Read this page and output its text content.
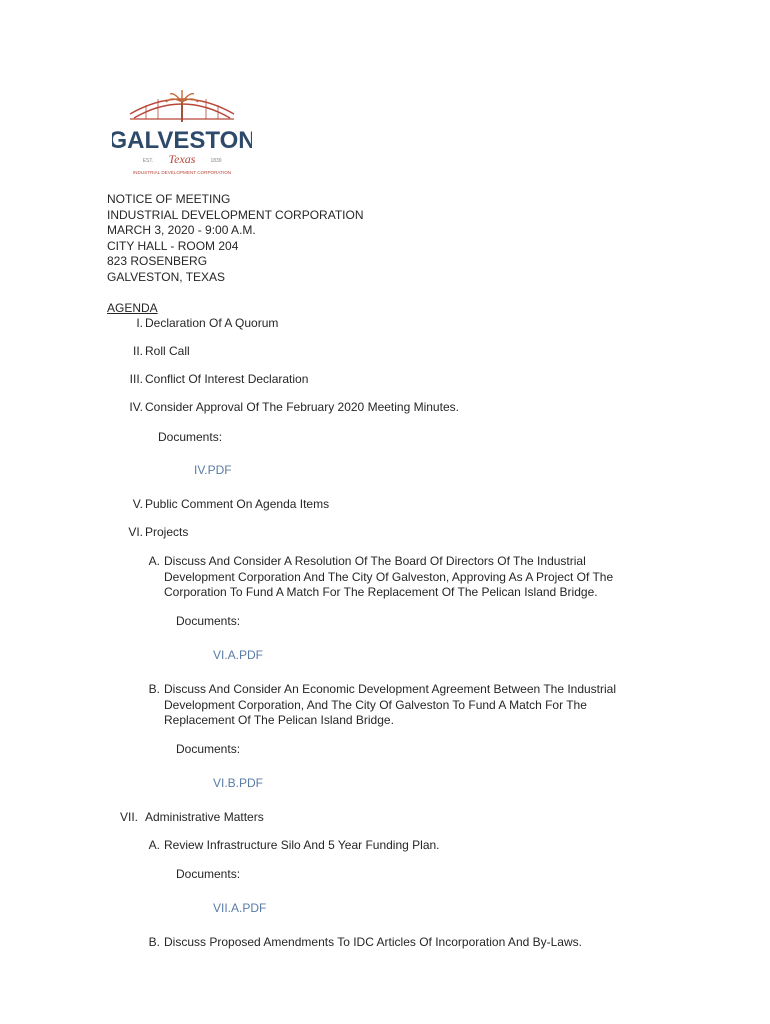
GALVESTON
Texas
EST.	1839
INDUSTRIAL DEVELOPMENT CORPORATION
NOTICE OF MEETING
INDUSTRIAL DEVELOPMENT CORPORATION
MARCH 3, 2020 - 9:00 A.M.
CITY HALL - ROOM 204
823 ROSENBERG
GALVESTON, TEXAS
AGENDA
I. Declaration Of A Quorum
II. Roll Call
III. Conflict Of Interest Declaration
IV. Consider Approval Of The February 2020 Meeting Minutes.
Documents:
IV.PDF
V. Public Comment On Agenda Items
VI. Projects
A. Discuss And Consider A Resolution Of The Board Of Directors Of The Industrial
Development Corporation And The City Of Galveston, Approving As A Project Of The
Corporation To Fund A Match For The Replacement Of The Pelican Island Bridge.
Documents:
VI.A.PDF
B. Discuss And Consider An Economic Development Agreement Between The Industrial
Development Corporation, And The City Of Galveston To Fund A Match For The
Replacement Of The Pelican Island Bridge.
Documents:
VI.B.PDF
VII. Administrative Matters
A. Review Infrastructure Silo And 5 Year Funding Plan.
Documents:
VII.A.PDF
B. Discuss Proposed Amendments To IDC Articles Of Incorporation And By-Laws.
